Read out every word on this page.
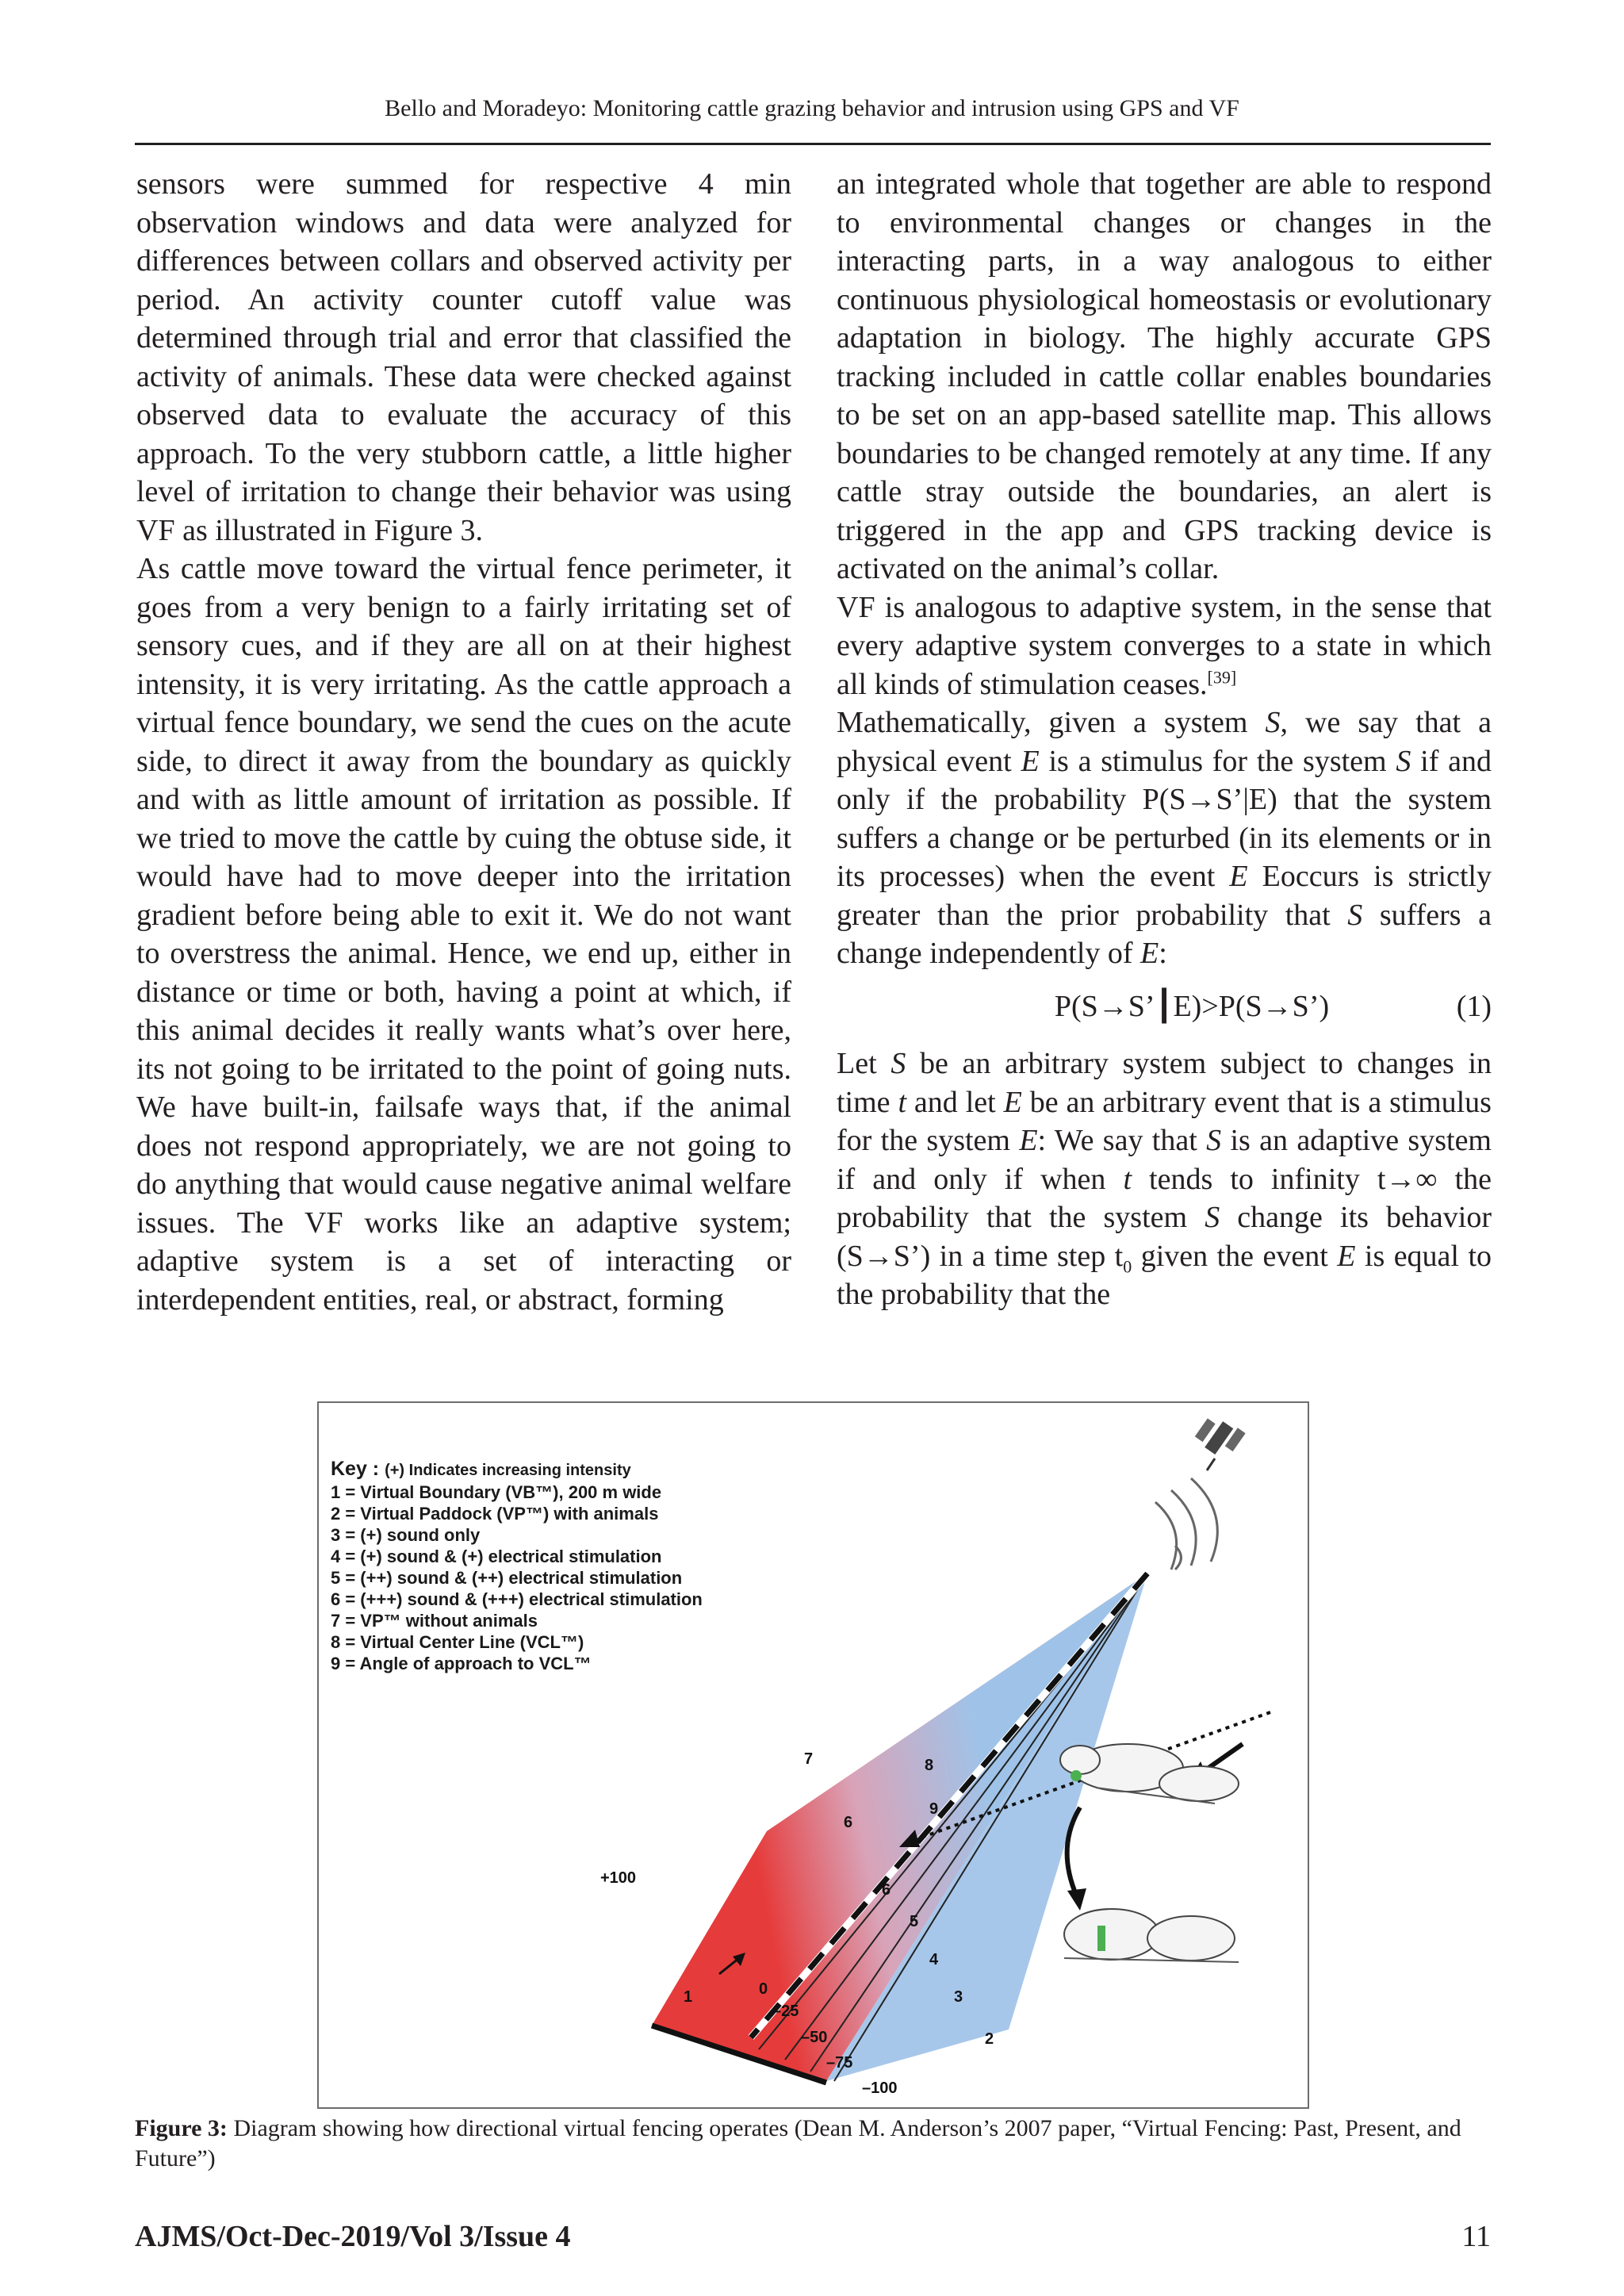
Bello and Moradeyo: Monitoring cattle grazing behavior and intrusion using GPS and VF

sensors were summed for respective 4 min observation windows and data were analyzed for differences between collars and observed activity per period. An activity counter cutoff value was determined through trial and error that classified the activity of animals. These data were checked against observed data to evaluate the accuracy of this approach. To the very stubborn cattle, a little higher level of irritation to change their behavior was using VF as illustrated in Figure 3.

As cattle move toward the virtual fence perimeter, it goes from a very benign to a fairly irritating set of sensory cues, and if they are all on at their highest intensity, it is very irritating. As the cattle approach a virtual fence boundary, we send the cues on the acute side, to direct it away from the boundary as quickly and with as little amount of irritation as possible. If we tried to move the cattle by cuing the obtuse side, it would have had to move deeper into the irritation gradient before being able to exit it. We do not want to overstress the animal. Hence, we end up, either in distance or time or both, having a point at which, if this animal decides it really wants what’s over here, its not going to be irritated to the point of going nuts. We have built-in, failsafe ways that, if the animal does not respond appropriately, we are not going to do anything that would cause negative animal welfare issues. The VF works like an adaptive system; adaptive system is a set of interacting or interdependent entities, real, or abstract, forming

an integrated whole that together are able to respond to environmental changes or changes in the interacting parts, in a way analogous to either continuous physiological homeostasis or evolutionary adaptation in biology. The highly accurate GPS tracking included in cattle collar enables boundaries to be set on an app-based satellite map. This allows boundaries to be changed remotely at any time. If any cattle stray outside the boundaries, an alert is triggered in the app and GPS tracking device is activated on the animal’s collar.

VF is analogous to adaptive system, in the sense that every adaptive system converges to a state in which all kinds of stimulation ceases.[39]
Mathematically, given a system S, we say that a physical event E is a stimulus for the system S if and only if the probability P(S→S’|E) that the system suffers a change or be perturbed (in its elements or in its processes) when the event E Eoccurs is strictly greater than the prior probability that S suffers a change independently of E:

P(S→S’┃E)>P(S→S’)	(1)

Let S be an arbitrary system subject to changes in time t and let E be an arbitrary event that is a stimulus for the system E: We say that S is an adaptive system if and only if when t tends to infinity t→∞ the probability that the system S change its behavior (S→S’) in a time step $t_0$ given the event E is equal to the probability that the

7	8
9
6
6
5
4
3
2
1	0
+100
–25
–50
–75
–100
Key : (+) Indicates increasing intensity
1 = Virtual Boundary (VB™), 200 m wide
2 = Virtual Paddock (VP™) with animals
3 = (+) sound only
4 = (+) sound & (+) electrical stimulation
5 = (++) sound & (++) electrical stimulation
6 = (+++) sound & (+++) electrical stimulation
7 = VP™ without animals
8 = Virtual Center Line (VCL™)
9 = Angle of approach to VCL™
Figure 3: Diagram showing how directional virtual fencing operates (Dean M. Anderson’s 2007 paper, “Virtual Fencing: Past, Present, and Future”)
AJMS/Oct-Dec-2019/Vol 3/Issue 4	11
